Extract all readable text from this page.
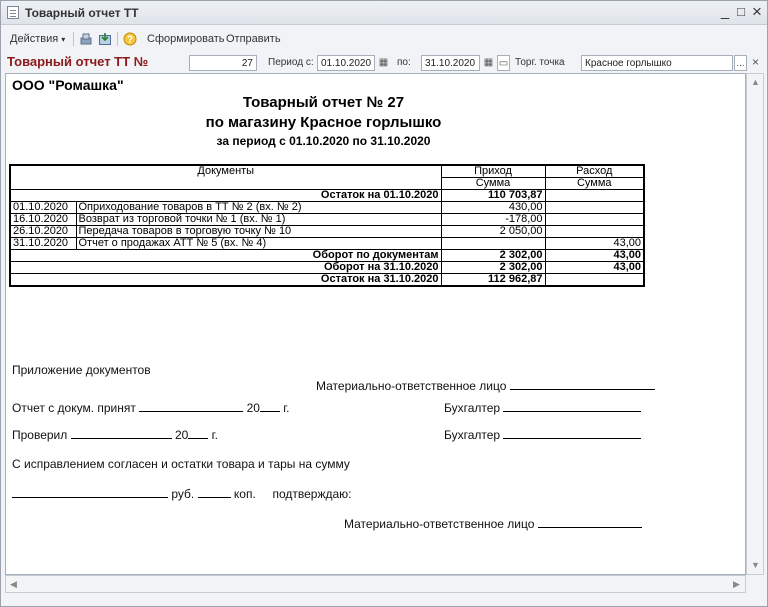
Товарный отчет ТТ	_ □ ×
Действия ▾	? Сформировать Отправить
Товарный отчет ТТ №	27	Период с: 01.10.2020 ▦ по:	31.10.2020 ▦ ▭ Торг. точка	Красное горлышко	... ×
ООО "Ромашка"
Товарный отчет № 27
по магазину Красное горлышко
за период с 01.10.2020 по 31.10.2020
Документы		Приход	Расход
		Сумма	Сумма
Остаток на 01.10.2020		110 703,87	
01.10.2020	Оприходование товаров в ТТ № 2 (вх. № 2)	430,00	
16.10.2020	Возврат из торговой точки № 1 (вх. № 1)	-178,00	
26.10.2020	Передача товаров в торговую точку № 10	2 050,00	
31.10.2020	Отчет о продажах АТТ № 5 (вх. № 4)		43,00
Оборот по документам		2 302,00	43,00
Оборот на 31.10.2020		2 302,00	43,00
Остаток на 31.10.2020		112 962,87	
Приложение документов
Материально-ответственное лицо
Отчет с докум. принят	20 г.	Бухгалтер
Проверил	20 г.	Бухгалтер
С исправлением согласен и остатки товара и тары на сумму
руб.	коп. подтверждаю:
Материально-ответственное лицо
▲
▼
◀	▶
